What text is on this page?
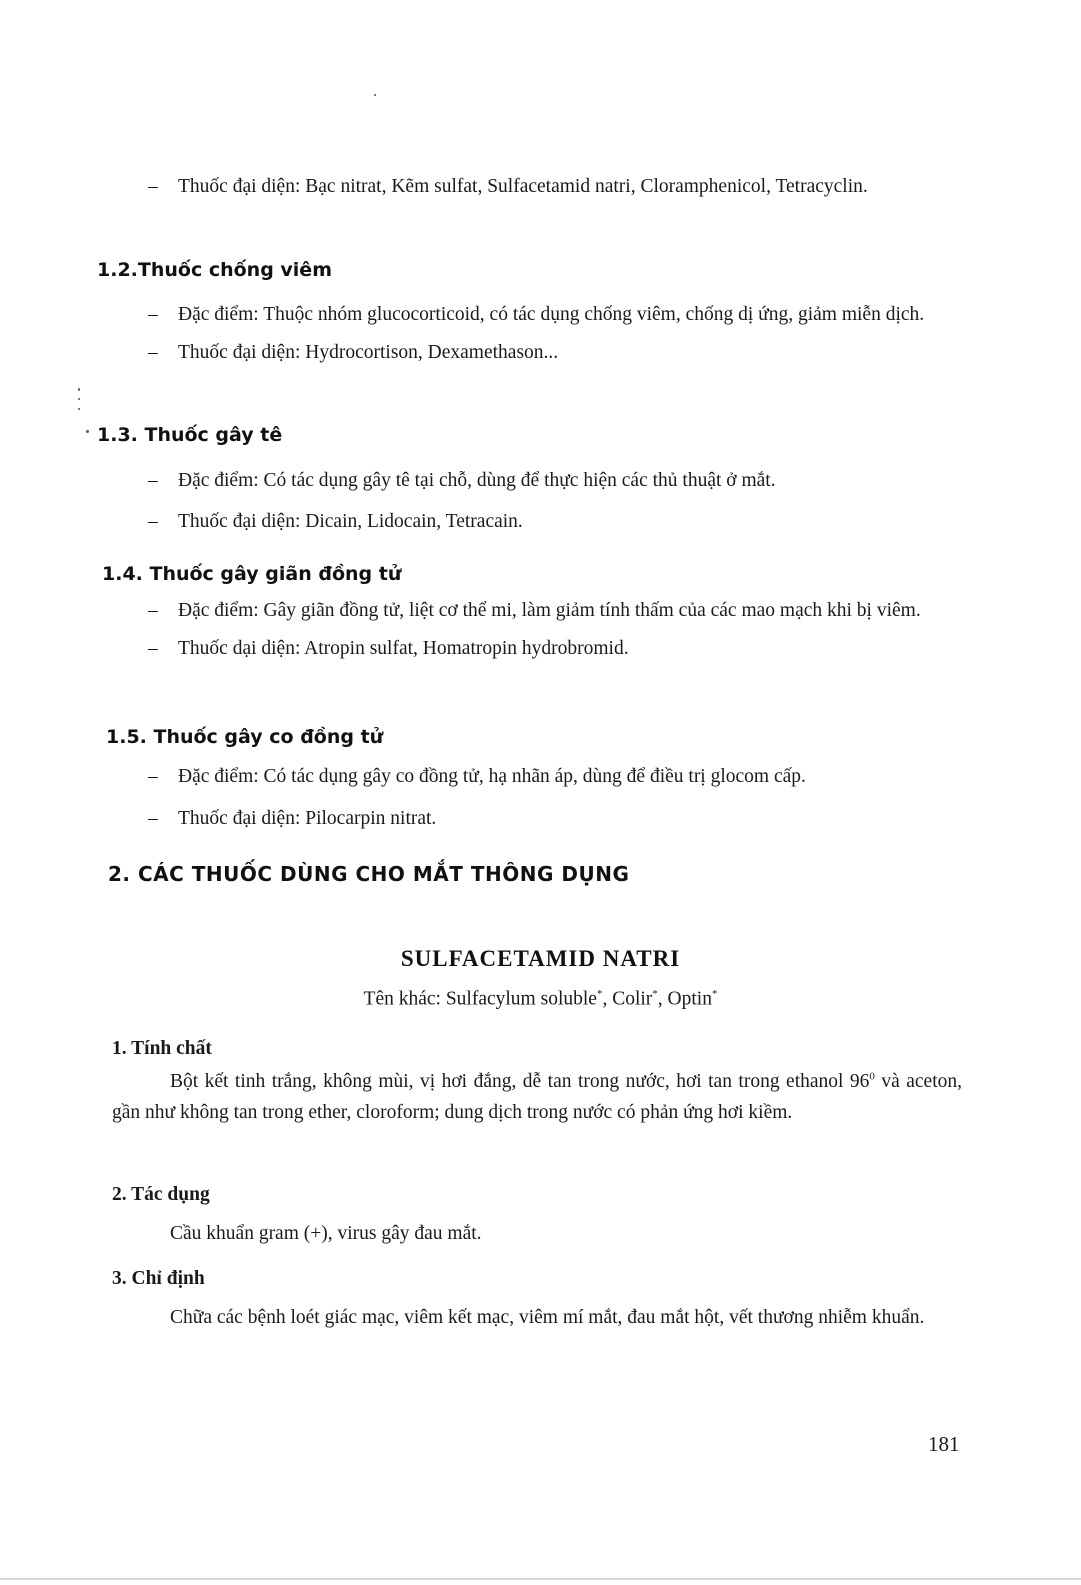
– Thuốc đại diện: Bạc nitrat, Kẽm sulfat, Sulfacetamid natri, Cloramphenicol, Tetracyclin.
1.2.Thuốc chống viêm
– Đặc điểm: Thuộc nhóm glucocorticoid, có tác dụng chống viêm, chống dị ứng, giảm miễn dịch.
– Thuốc đại diện: Hydrocortison, Dexamethason...
1.3. Thuốc gây tê
– Đặc điểm: Có tác dụng gây tê tại chỗ, dùng để thực hiện các thủ thuật ở mắt.
– Thuốc đại diện: Dicain, Lidocain, Tetracain.
1.4. Thuốc gây giãn đồng tử
– Đặc điểm: Gây giãn đồng tử, liệt cơ thể mi, làm giảm tính thấm của các mao mạch khi bị viêm.
– Thuốc dại diện: Atropin sulfat, Homatropin hydrobromid.
1.5. Thuốc gây co đồng tử
– Đặc điểm: Có tác dụng gây co đồng tử, hạ nhãn áp, dùng để điều trị glocom cấp.
– Thuốc đại diện: Pilocarpin nitrat.
2. CÁC THUỐC DÙNG CHO MẮT THÔNG DỤNG
SULFACETAMID NATRI

Tên khác: Sulfacylum soluble*, Colir*, Optin*

1. Tính chất

Bột kết tinh trắng, không mùi, vị hơi đắng, dễ tan trong nước, hơi tan trong ethanol $96^0$ và aceton, gần như không tan trong ether, cloroform; dung dịch trong nước có phản ứng hơi kiềm.

2. Tác dụng

Cầu khuẩn gram (+), virus gây đau mắt.

3. Chỉ định

Chữa các bệnh loét giác mạc, viêm kết mạc, viêm mí mắt, đau mắt hột, vết thương nhiễm khuẩn.

181
